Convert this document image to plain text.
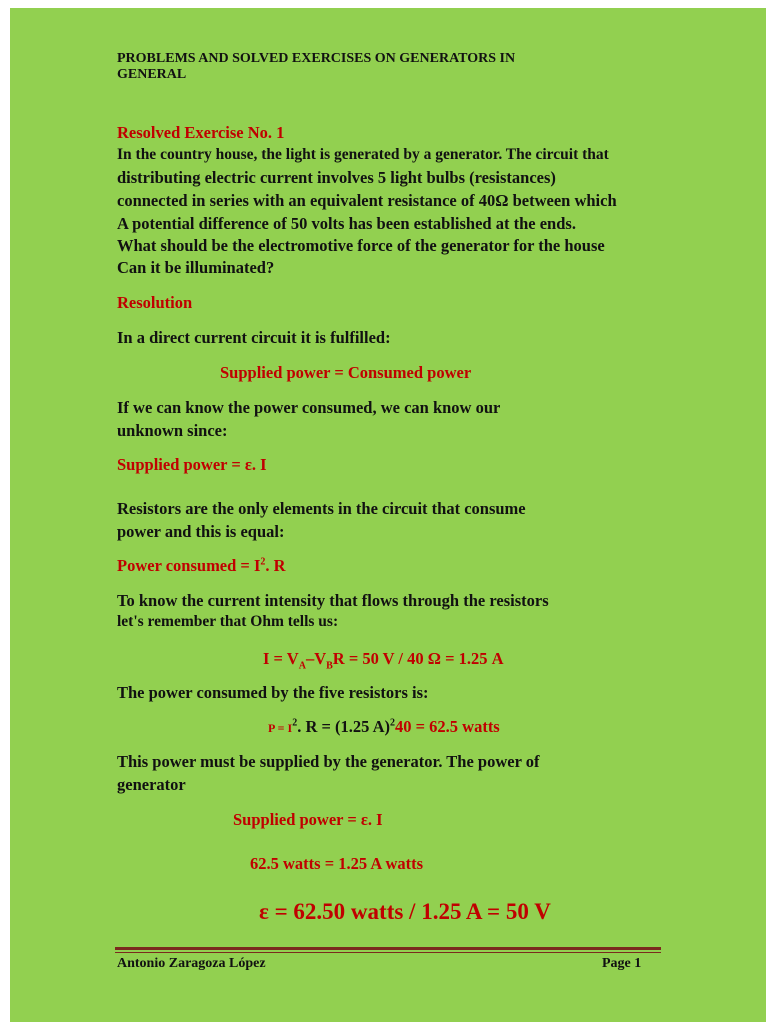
PROBLEMS AND SOLVED EXERCISES ON GENERATORS IN
GENERAL
Resolved Exercise No. 1
In the country house, the light is generated by a generator. The circuit that
distributing electric current involves 5 light bulbs (resistances)
connected in series with an equivalent resistance of 40Ω between which
A potential difference of 50 volts has been established at the ends.
What should be the electromotive force of the generator for the house
Can it be illuminated?
Resolution
In a direct current circuit it is fulfilled:
Supplied power = Consumed power
If we can know the power consumed, we can know our
unknown since:
Supplied power = ε. I
Resistors are the only elements in the circuit that consume
power and this is equal:
Power consumed = $I^2$. R
To know the current intensity that flows through the resistors
let's remember that Ohm tells us:
$I = V_A-V_BR = 50$ V / 40 Ω = 1.25 A
The power consumed by the five resistors is:
$P = I^2$. R = (1.25 A)$^2$40 = 62.5 watts
This power must be supplied by the generator. The power of
generator
Supplied power = ε. I
62.5 watts = 1.25 A watts
ε = 62.50 watts / 1.25 A = 50 V
Antonio Zaragoza López	Page 1
